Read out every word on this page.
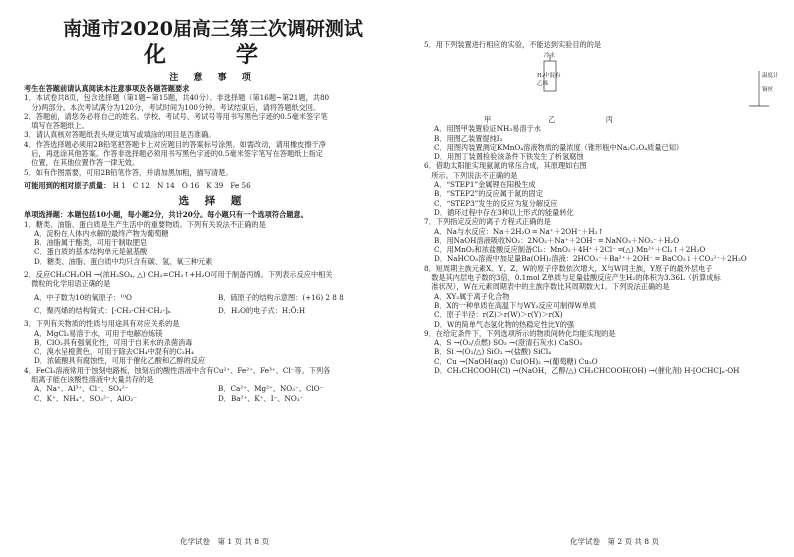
南通市2020届高三第三次调研测试
化　学
注 意 事 项
考生在答题前请认真阅读本注意事项及各题答题要求
1．本试卷共8页，包含选择题（第1题~第15题，共40分）、非选择题（第16题~第21题，共80
　分)两部分。本次考试满分为120分，考试时间为100分钟。考试结束后，请将答题纸交回。
2．答题前，请您务必将自己的姓名、学校、考试号、考试号等用书写黑色字迹的0.5毫米签字笔
　填写在答题纸上。
3．请认真核对答题纸表头规定填写或填涂的项目是否准确。
4．作答选择题必须用2B铅笔把答题卡上对应题目的答案标号涂黑。如需改动，请用橡皮擦干净
　后，再选涂其他答案。作答非选择题必须用书写黑色字迹的0.5毫米签字笔写在答题纸上指定
　位置，在其他位置作答一律无效。
5．如有作图需要，可用2B铅笔作答，并请加黑加粗，描写清楚。
可能用到的相对原子质量： H 1　C 12　N 14　O 16　K 39　Fe 56
选 择 题
单项选择题：本题包括10小题，每小题2分，共计20分。每小题只有一个选项符合题意。
1．糖类、油脂、蛋白质是生产生活中的重要物质。下列有关说法不正确的是
A．淀粉在人体内水解的最终产物为葡萄糖
B．油脂属于酯类，可用于制取肥皂
C．蛋白质的基本结构单元是氨基酸
D．糖类、油脂、蛋白质中均只含有碳、氢、氧三种元素
2．反应CH₃CH₂OH →(浓H₂SO₄, △) CH₂=CH₂↑+H₂O可用于制备丙烯。下列表示反应中相关
　微粒的化学用语正确的是
A．中子数为10的氧原子：¹⁰O	B．硫原子的结构示意图：(+16) 2 8 8
C．聚丙烯的结构简式：[-CH₂-CH-CH₂-]ₙ	D．H₂O的电子式：H:Ö:H
3．下列有关物质的性质与用途具有对应关系的是
A．MgCl₂易溶于水，可用于电解冶炼镁
B．ClO₂具有强氧化性，可用于自来水的杀菌消毒
C．溴水呈橙黄色，可用于除去CH₄中混有的C₂H₄
D．浓硫酸具有腐蚀性，可用于催化乙酸和乙醇的反应
4．FeCl₃溶液常用于蚀刻电路板，蚀刻后的酸性溶液中含有Cu²⁺、Fe²⁺、Fe³⁺、Cl⁻等。下列各
　组离子能在该酸性溶液中大量共存的是
A．Na⁺、Al³⁺、Cl⁻、SO₄²⁻	B．Ca²⁺、Mg²⁺、NO₃⁻、ClO⁻
C．K⁺、NH₄⁺、SO₃²⁻、AlO₂⁻	D．Ba²⁺、K⁺、I⁻、NO₃⁻
化学试卷　第 1 页 共 8 页
5．用下列装置进行相应的实验，不能达到实验目的的是
冷水
H₂中混有
乙烯
温度计
铜丝
甲                         乙                      丙
A．用图甲装置验证NH₃易溶于水
B．用图乙装置提纯I₂
C．用图丙装置测定KMnO₄溶液物质的量浓度（锥形瓶中Na₂C₂O₄质量已知）
D．用图丁装置检验该条件下铁发生了析氢腐蚀
6．借助太阳能实现氨氮的常压合成，其原理如右图
　所示。下列说法不正确的是
A．“STEP1”金属锂在阳极生成
B．“STEP2”的反应属于氮的固定
C．“STEP3”发生的反应为复分解反应
D．循环过程中存在3种以上形式的能量转化
7．下列指定反应的离子方程式正确的是
A．Na与水反应：Na＋2H₂O ═ Na⁺＋2OH⁻＋H₂↑
B．用NaOH溶液吸收NO₂：2NO₂＋Na⁺＋2OH⁻ ═ NaNO₃＋NO₂⁻＋H₂O
C．用MnO₂和浓盐酸反应制备Cl₂：MnO₂＋4H⁺＋2Cl⁻ ═(△) Mn²⁺＋Cl₂↑＋2H₂O
D．NaHCO₃溶液中加足量Ba(OH)₂溶液：2HCO₃⁻＋Ba²⁺＋2OH⁻ ═ BaCO₃↓＋CO₃²⁻＋2H₂O
8．短周期主族元素X、Y、Z、W的原子序数依次增大，X与W同主族，Y原子的最外层电子
　数是其内层电子数的3倍，0.1mol Z单质与足量盐酸反应产生H₂的体积为3.36L（折算成标
　准状况），W在元素周期表中的主族序数比其周期数大1。下列说法正确的是
A．XY₂属于离子化合物
B．X的一种单质在高温下与WY₂反应可制得W单质
C．原子半径：r(Z)＞r(W)＞r(Y)＞r(X)
D．W的简单气态氢化物的热稳定性比Y的强
9．在给定条件下，下列选项所示的物质间转化均能实现的是
A．S →(O₂/点燃) SO₃ →(澄清石灰水) CaSO₃
B．Si →(O₂/△) SiO₂ →(盐酸) SiCl₄
C．Cu →(NaOH(aq)) Cu(OH)₂ →(葡萄糖) Cu₂O
D．CH₃CHCOOH(Cl) →(NaOH，乙醇/△) CH₃CHCOOH(OH) →(催化剂) H-[OCHC]ₙ-OH
化学试卷　第 2 页 共 8 页
